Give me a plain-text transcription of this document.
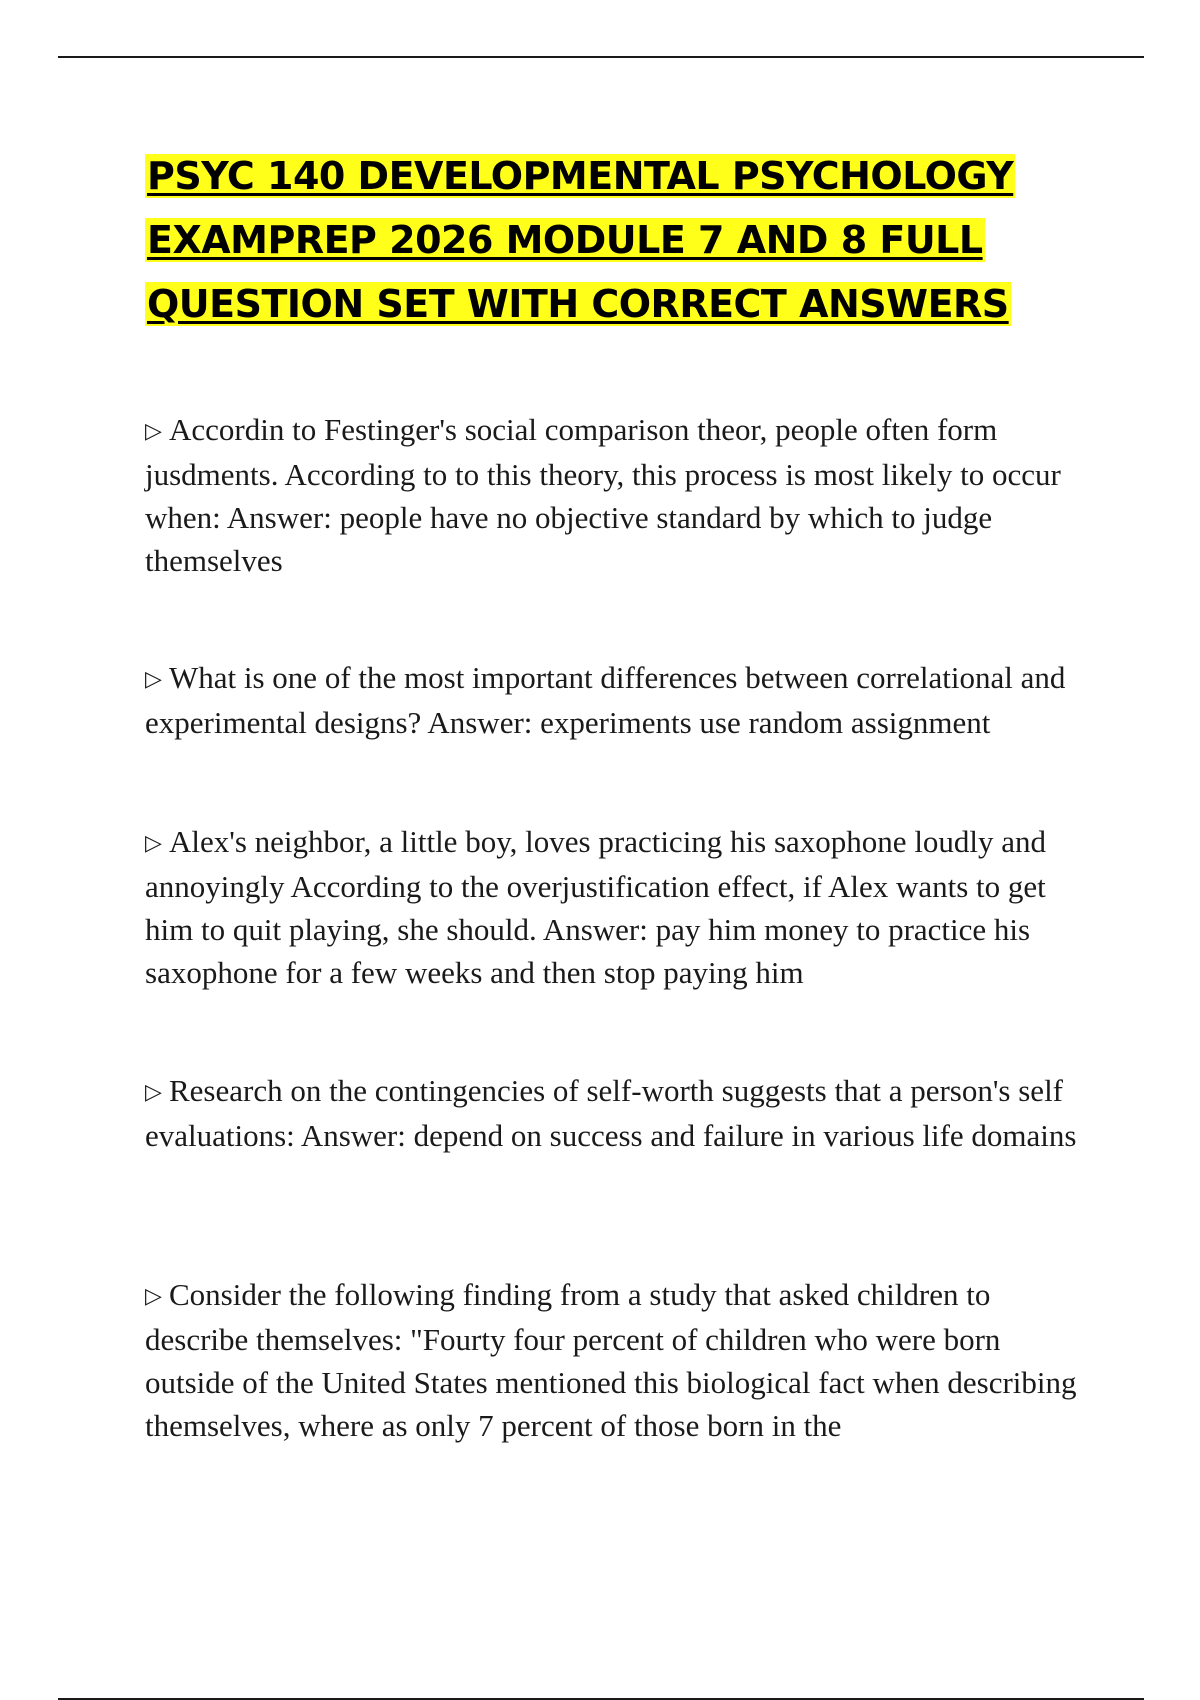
PSYC 140 DEVELOPMENTAL PSYCHOLOGY EXAMPREP 2026 MODULE 7 AND 8 FULL QUESTION SET WITH CORRECT ANSWERS

▷ Accordin to Festinger's social comparison theor, people often form jusdments. According to to this theory, this process is most likely to occur when: Answer: people have no objective standard by which to judge themselves

▷ What is one of the most important differences between correlational and experimental designs? Answer: experiments use random assignment

▷ Alex's neighbor, a little boy, loves practicing his saxophone loudly and annoyingly According to the overjustification effect, if Alex wants to get him to quit playing, she should. Answer: pay him money to practice his saxophone for a few weeks and then stop paying him

▷ Research on the contingencies of self-worth suggests that a person's self evaluations: Answer: depend on success and failure in various life domains

▷ Consider the following finding from a study that asked children to describe themselves: "Fourty four percent of children who were born outside of the United States mentioned this biological fact when describing themselves, where as only 7 percent of those born in the
